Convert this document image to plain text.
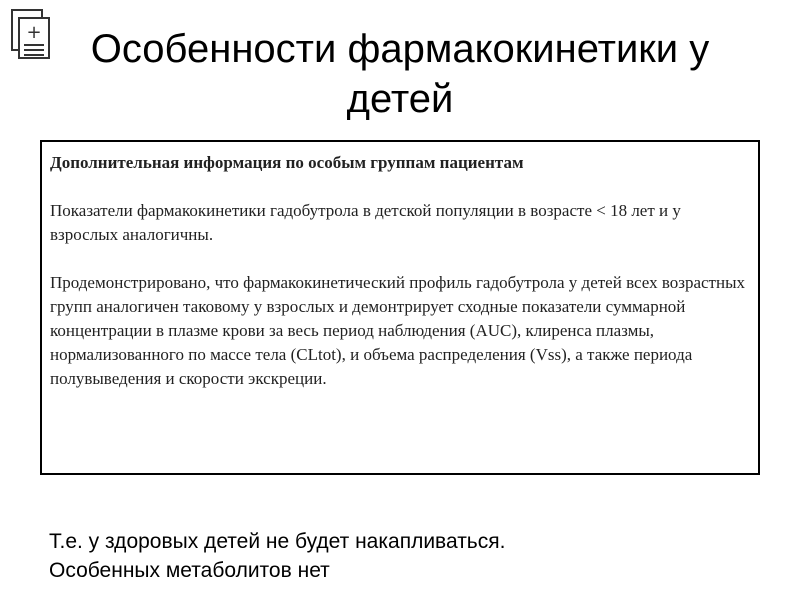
+	Особенности фармакокинетики у
детей

Дополнительная информация по особым группам пациентам

Показатели фармакокинетики гадобутрола в детской популяции в возрасте < 18 лет и у взрослых аналогичны.

Продемонстрировано, что фармакокинетический профиль гадобутрола у детей всех возрастных групп аналогичен таковому у взрослых и демонтрирует сходные показатели суммарной концентрации в плазме крови за весь период наблюдения (AUC), клиренса плазмы, нормализованного по массе тела (CLtot), и объема распределения (Vss), а также периода полувыведения и скорости экскреции.

Т.е. у здоровых детей не будет накапливаться.
Особенных метаболитов нет
